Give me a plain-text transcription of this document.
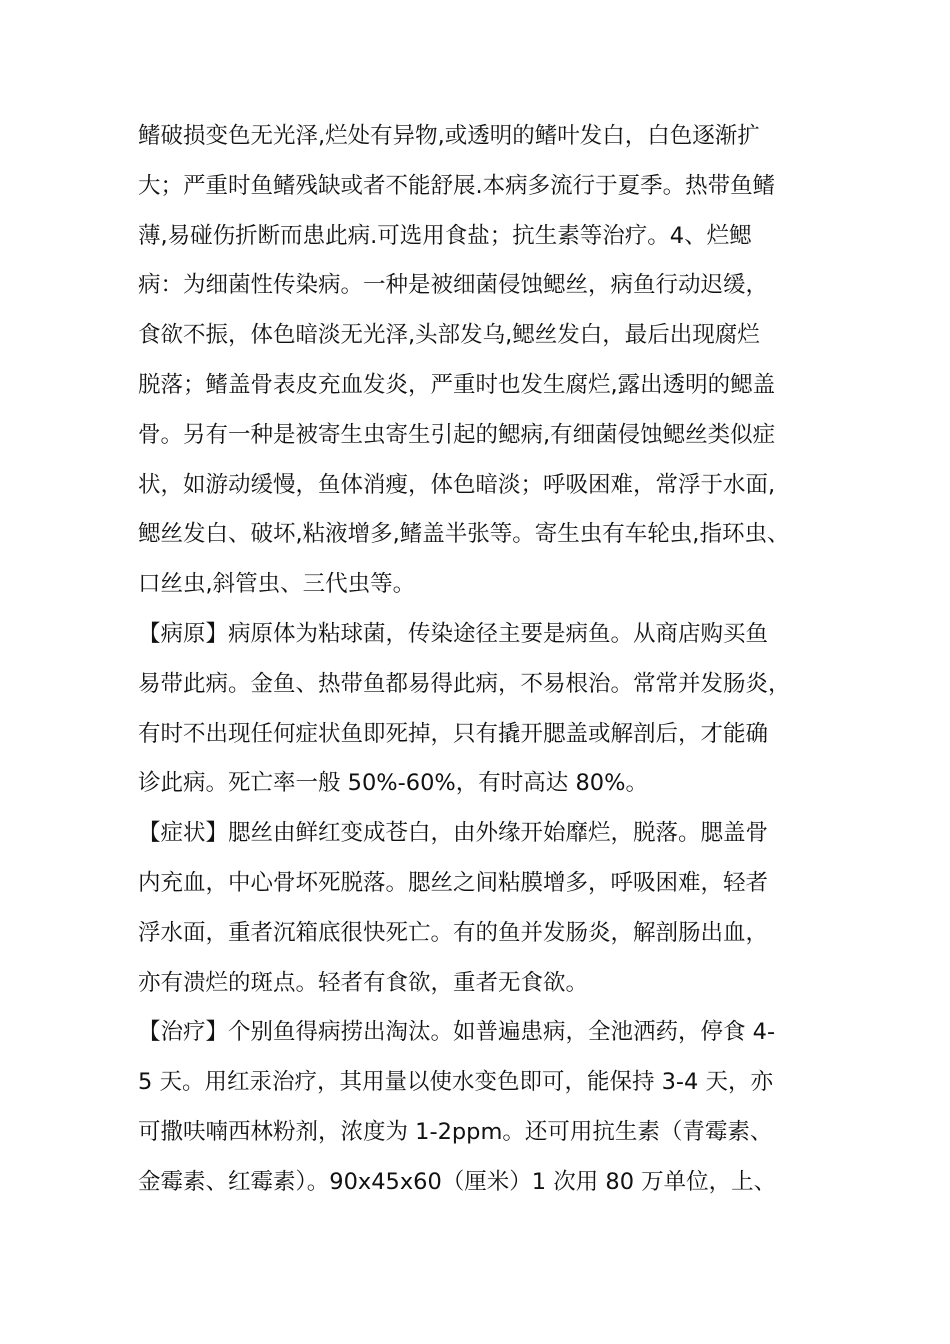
鳍破损变色无光泽,烂处有异物,或透明的鳍叶发白，白色逐渐扩
大；严重时鱼鳍残缺或者不能舒展.本病多流行于夏季。热带鱼鳍
薄,易碰伤折断而患此病.可选用食盐；抗生素等治疗。4、烂鳃
病：为细菌性传染病。一种是被细菌侵蚀鳃丝，病鱼行动迟缓，
食欲不振，体色暗淡无光泽,头部发乌,鳃丝发白，最后出现腐烂
脱落；鳍盖骨表皮充血发炎，严重时也发生腐烂,露出透明的鳃盖
骨。另有一种是被寄生虫寄生引起的鳃病,有细菌侵蚀鳃丝类似症
状，如游动缓慢，鱼体消瘦，体色暗淡；呼吸困难，常浮于水面,
鳃丝发白、破坏,粘液增多,鳍盖半张等。寄生虫有车轮虫,指环虫、
口丝虫,斜管虫、三代虫等。
【病原】病原体为粘球菌，传染途径主要是病鱼。从商店购买鱼
易带此病。金鱼、热带鱼都易得此病，不易根治。常常并发肠炎，
有时不出现任何症状鱼即死掉，只有撬开腮盖或解剖后，才能确
诊此病。死亡率一般 50%-60%，有时高达 80%。
【症状】腮丝由鲜红变成苍白，由外缘开始靡烂，脱落。腮盖骨
内充血，中心骨坏死脱落。腮丝之间粘膜增多，呼吸困难，轻者
浮水面，重者沉箱底很快死亡。有的鱼并发肠炎，解剖肠出血，
亦有溃烂的斑点。轻者有食欲，重者无食欲。
【治疗】个别鱼得病捞出淘汰。如普遍患病，全池洒药，停食 4-
5 天。用红汞治疗，其用量以使水变色即可，能保持 3-4 天，亦
可撒呋喃西林粉剂，浓度为 1-2ppm。还可用抗生素（青霉素、
金霉素、红霉素）。90x45x60（厘米）1 次用 80 万单位，上、
